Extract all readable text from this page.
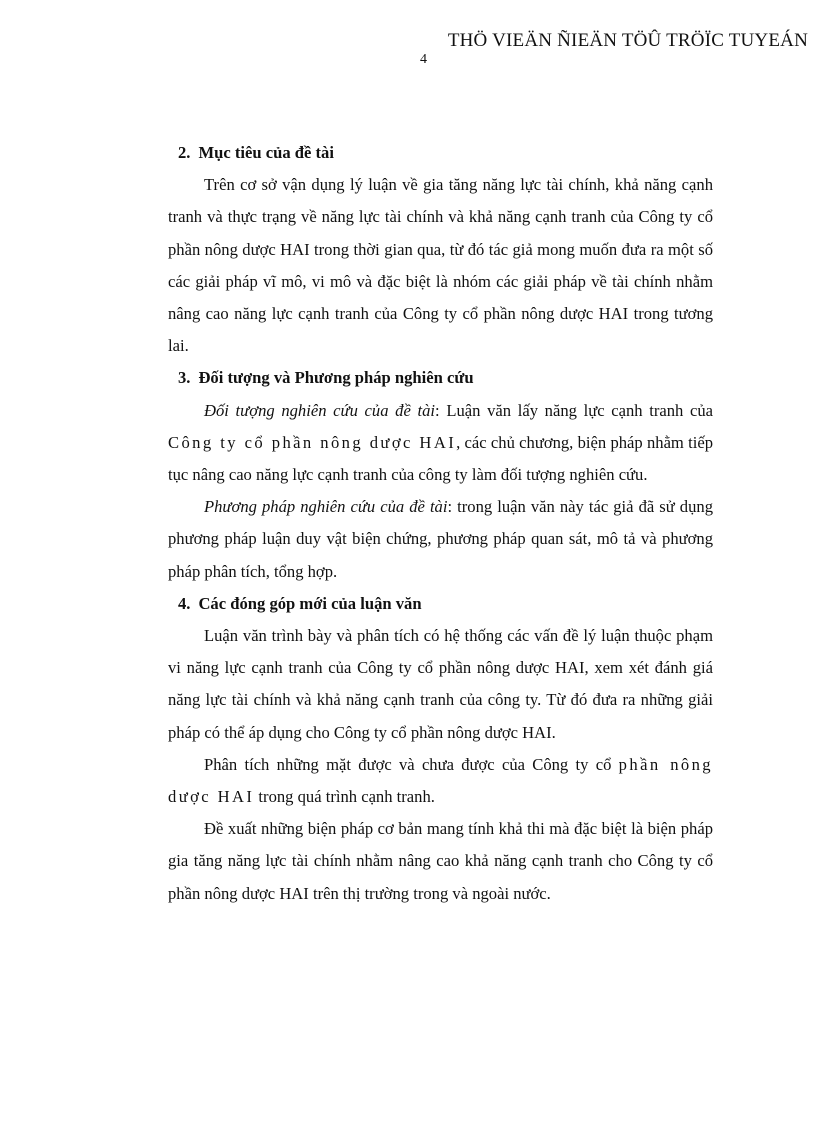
THÖ VIEÄN ÑIEÄN TÖÛ TRÖÏC TUYEÁN
4
2. Mục tiêu của đề tài

Trên cơ sở vận dụng lý luận về gia tăng năng lực tài chính, khả năng cạnh tranh và thực trạng về năng lực tài chính và khả năng cạnh tranh của Công ty cổ phần nông dược HAI trong thời gian qua, từ đó tác giả mong muốn đưa ra một số các giải pháp vĩ mô, vi mô và đặc biệt là nhóm các giải pháp về tài chính nhằm nâng cao năng lực cạnh tranh của Công ty cổ phần nông dược HAI trong tương lai.

3. Đối tượng và Phương pháp nghiên cứu

Đối tượng nghiên cứu của đề tài: Luận văn lấy năng lực cạnh tranh của Công ty cổ phần nông dược HAI, các chủ chương, biện pháp nhằm tiếp tục nâng cao năng lực cạnh tranh của công ty làm đối tượng nghiên cứu.

Phương pháp nghiên cứu của đề tài: trong luận văn này tác giả đã sử dụng phương pháp luận duy vật biện chứng, phương pháp quan sát, mô tả và phương pháp phân tích, tổng hợp.

4. Các đóng góp mới của luận văn

Luận văn trình bày và phân tích có hệ thống các vấn đề lý luận thuộc phạm vi năng lực cạnh tranh của Công ty cổ phần nông dược HAI, xem xét đánh giá năng lực tài chính và khả năng cạnh tranh của công ty. Từ đó đưa ra những giải pháp có thể áp dụng cho Công ty cổ phần nông dược HAI.

Phân tích những mặt được và chưa được của Công ty cổ phần nông dược HAI trong quá trình cạnh tranh.

Đề xuất những biện pháp cơ bản mang tính khả thi mà đặc biệt là biện pháp gia tăng năng lực tài chính nhằm nâng cao khả năng cạnh tranh cho Công ty cổ phần nông dược HAI trên thị trường trong và ngoài nước.
